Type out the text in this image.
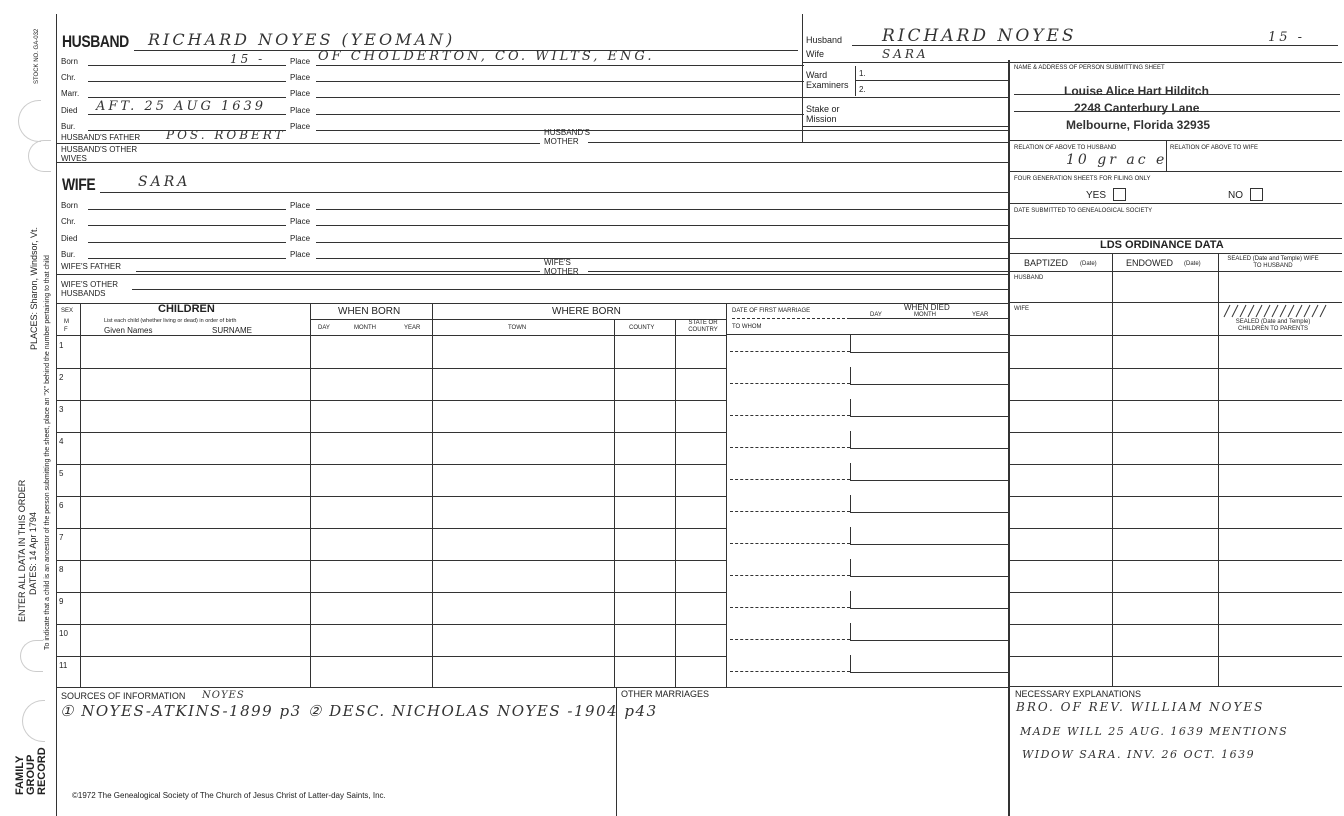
STOCK NO. GA-032
PLACES: Sharon, Windsor, Vt. To indicate that a child is an ancestor of the person submitting the sheet, place an "X" behind the number pertaining to that child
ENTER ALL DATA IN THIS ORDER DATES: 14 Apr 1794
FAMILY GROUP RECORD
HUSBAND RICHARD NOYES (YEOMAN)
Born	15 -	Place OF CHOLDERTON, CO. WILTS, ENG.
Chr.	Place
Marr.	Place
Died AFT. 25 AUG 1639	Place
Bur.	Place
HUSBAND'S FATHER POS. ROBERT	HUSBAND'S MOTHER
HUSBAND'S OTHER WIVES
WIFE	SARA
Born	Place
Chr.	Place
Died	Place
Bur.	Place
WIFE'S FATHER	WIFE'S MOTHER
WIFE'S OTHER HUSBANDS
Husband RICHARD NOYES	15 -
Wife	SARA
Ward
Examiners
1.
2.
Stake or Mission
NAME & ADDRESS OF PERSON SUBMITTING SHEET
Louise Alice Hart Hilditch
2248 Canterbury Lane
Melbourne, Florida 32935
RELATION OF ABOVE TO HUSBAND
10 gr ac e
RELATION OF ABOVE TO WIFE
FOUR GENERATION SHEETS FOR FILING ONLY
YES	NO
DATE SUBMITTED TO GENEALOGICAL SOCIETY
LDS ORDINANCE DATA
BAPTIZED (Date)	ENDOWED (Date)
SEALED (Date and Temple) WIFE TO HUSBAND
HUSBAND
WIFE
SEALED (Date and Temple) CHILDREN TO PARENTS
SEX
M
F
CHILDREN
List each child (whether living or dead) in order of birth
Given Names	SURNAME
WHEN BORN
DAY	MONTH	YEAR
WHERE BORN
TOWN	COUNTY
STATE OR COUNTRY
DATE OF FIRST MARRIAGE
TO WHOM
WHEN DIED
DAY	MONTH	YEAR
1
2
3
4
5
6
7
8
9
10
11
SOURCES OF INFORMATION NOYES
① NOYES-ATKINS-1899 p3 ② DESC. NICHOLAS NOYES -1904 p43
OTHER MARRIAGES	NECESSARY EXPLANATIONS
BRO. OF REV. WILLIAM NOYES
MADE WILL 25 AUG. 1639 MENTIONS
WIDOW SARA. INV. 26 OCT. 1639
©1972 The Genealogical Society of The Church of Jesus Christ of Latter-day Saints, Inc.
